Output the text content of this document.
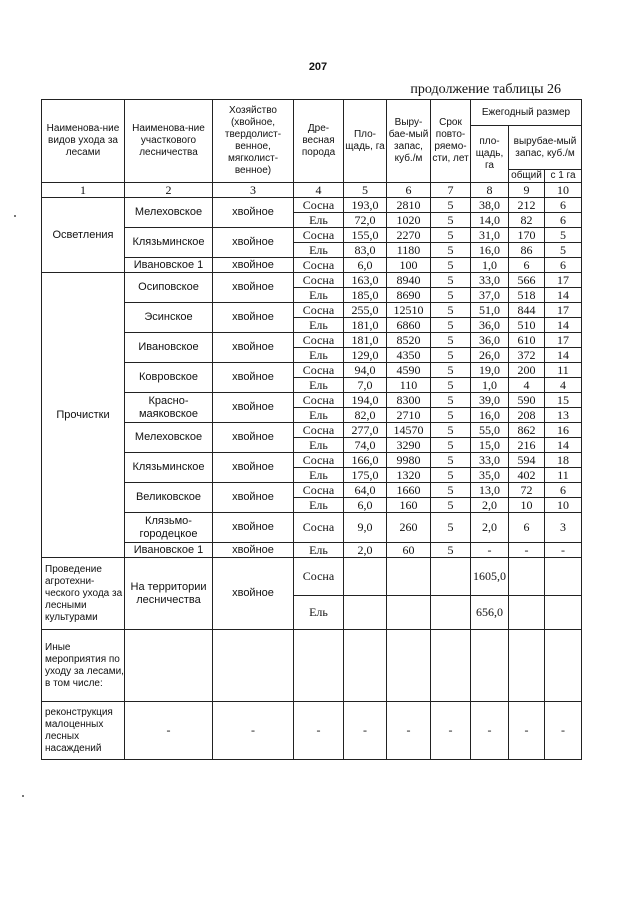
207
продолжение таблицы 26
Наименова-ние видов ухода за лесами	Наименова-ние участкового лесничества	Хозяйство (хвойное, твердолист-венное, мягколист-венное)	Дре-весная порода	Пло-щадь, га	Выру-бае-мый запас, куб./м	Срок повто-ряемо-сти, лет	Ежегодный размер		
							пло-щадь, га	вырубае-мый запас, куб./м	
								общий	с 1 га
1	2	3	4	5	6	7	8	9	10
Осветления	Мелеховское	хвойное	Сосна	193,0	2810	5	38,0	212	6
			Ель	72,0	1020	5	14,0	82	6
	Клязьминское	хвойное	Сосна	155,0	2270	5	31,0	170	5
			Ель	83,0	1180	5	16,0	86	5
	Ивановское 1	хвойное	Сосна	6,0	100	5	1,0	6	6
Прочистки	Осиповское	хвойное	Сосна	163,0	8940	5	33,0	566	17
			Ель	185,0	8690	5	37,0	518	14
	Эсинское	хвойное	Сосна	255,0	12510	5	51,0	844	17
			Ель	181,0	6860	5	36,0	510	14
	Ивановское	хвойное	Сосна	181,0	8520	5	36,0	610	17
			Ель	129,0	4350	5	26,0	372	14
	Ковровское	хвойное	Сосна	94,0	4590	5	19,0	200	11
			Ель	7,0	110	5	1,0	4	4
	Красно-маяковское	хвойное	Сосна	194,0	8300	5	39,0	590	15
			Ель	82,0	2710	5	16,0	208	13
	Мелеховское	хвойное	Сосна	277,0	14570	5	55,0	862	16
			Ель	74,0	3290	5	15,0	216	14
	Клязьминское	хвойное	Сосна	166,0	9980	5	33,0	594	18
			Ель	175,0	1320	5	35,0	402	11
	Великовское	хвойное	Сосна	64,0	1660	5	13,0	72	6
			Ель	6,0	160	5	2,0	10	10
	Клязьмо-городецкое	хвойное	Сосна	9,0	260	5	2,0	6	3
	Ивановское 1	хвойное	Ель	2,0	60	5	-	-	-
Проведение агротехни-ческого ухода за лесными культурами	На территории лесничества	хвойное	Сосна				1605,0		
			Ель				656,0		
Иные мероприятия по уходу за лесами, в том числе:									
реконструкция малоценных лесных насаждений	-	-	-	-	-	-	-	-	-
